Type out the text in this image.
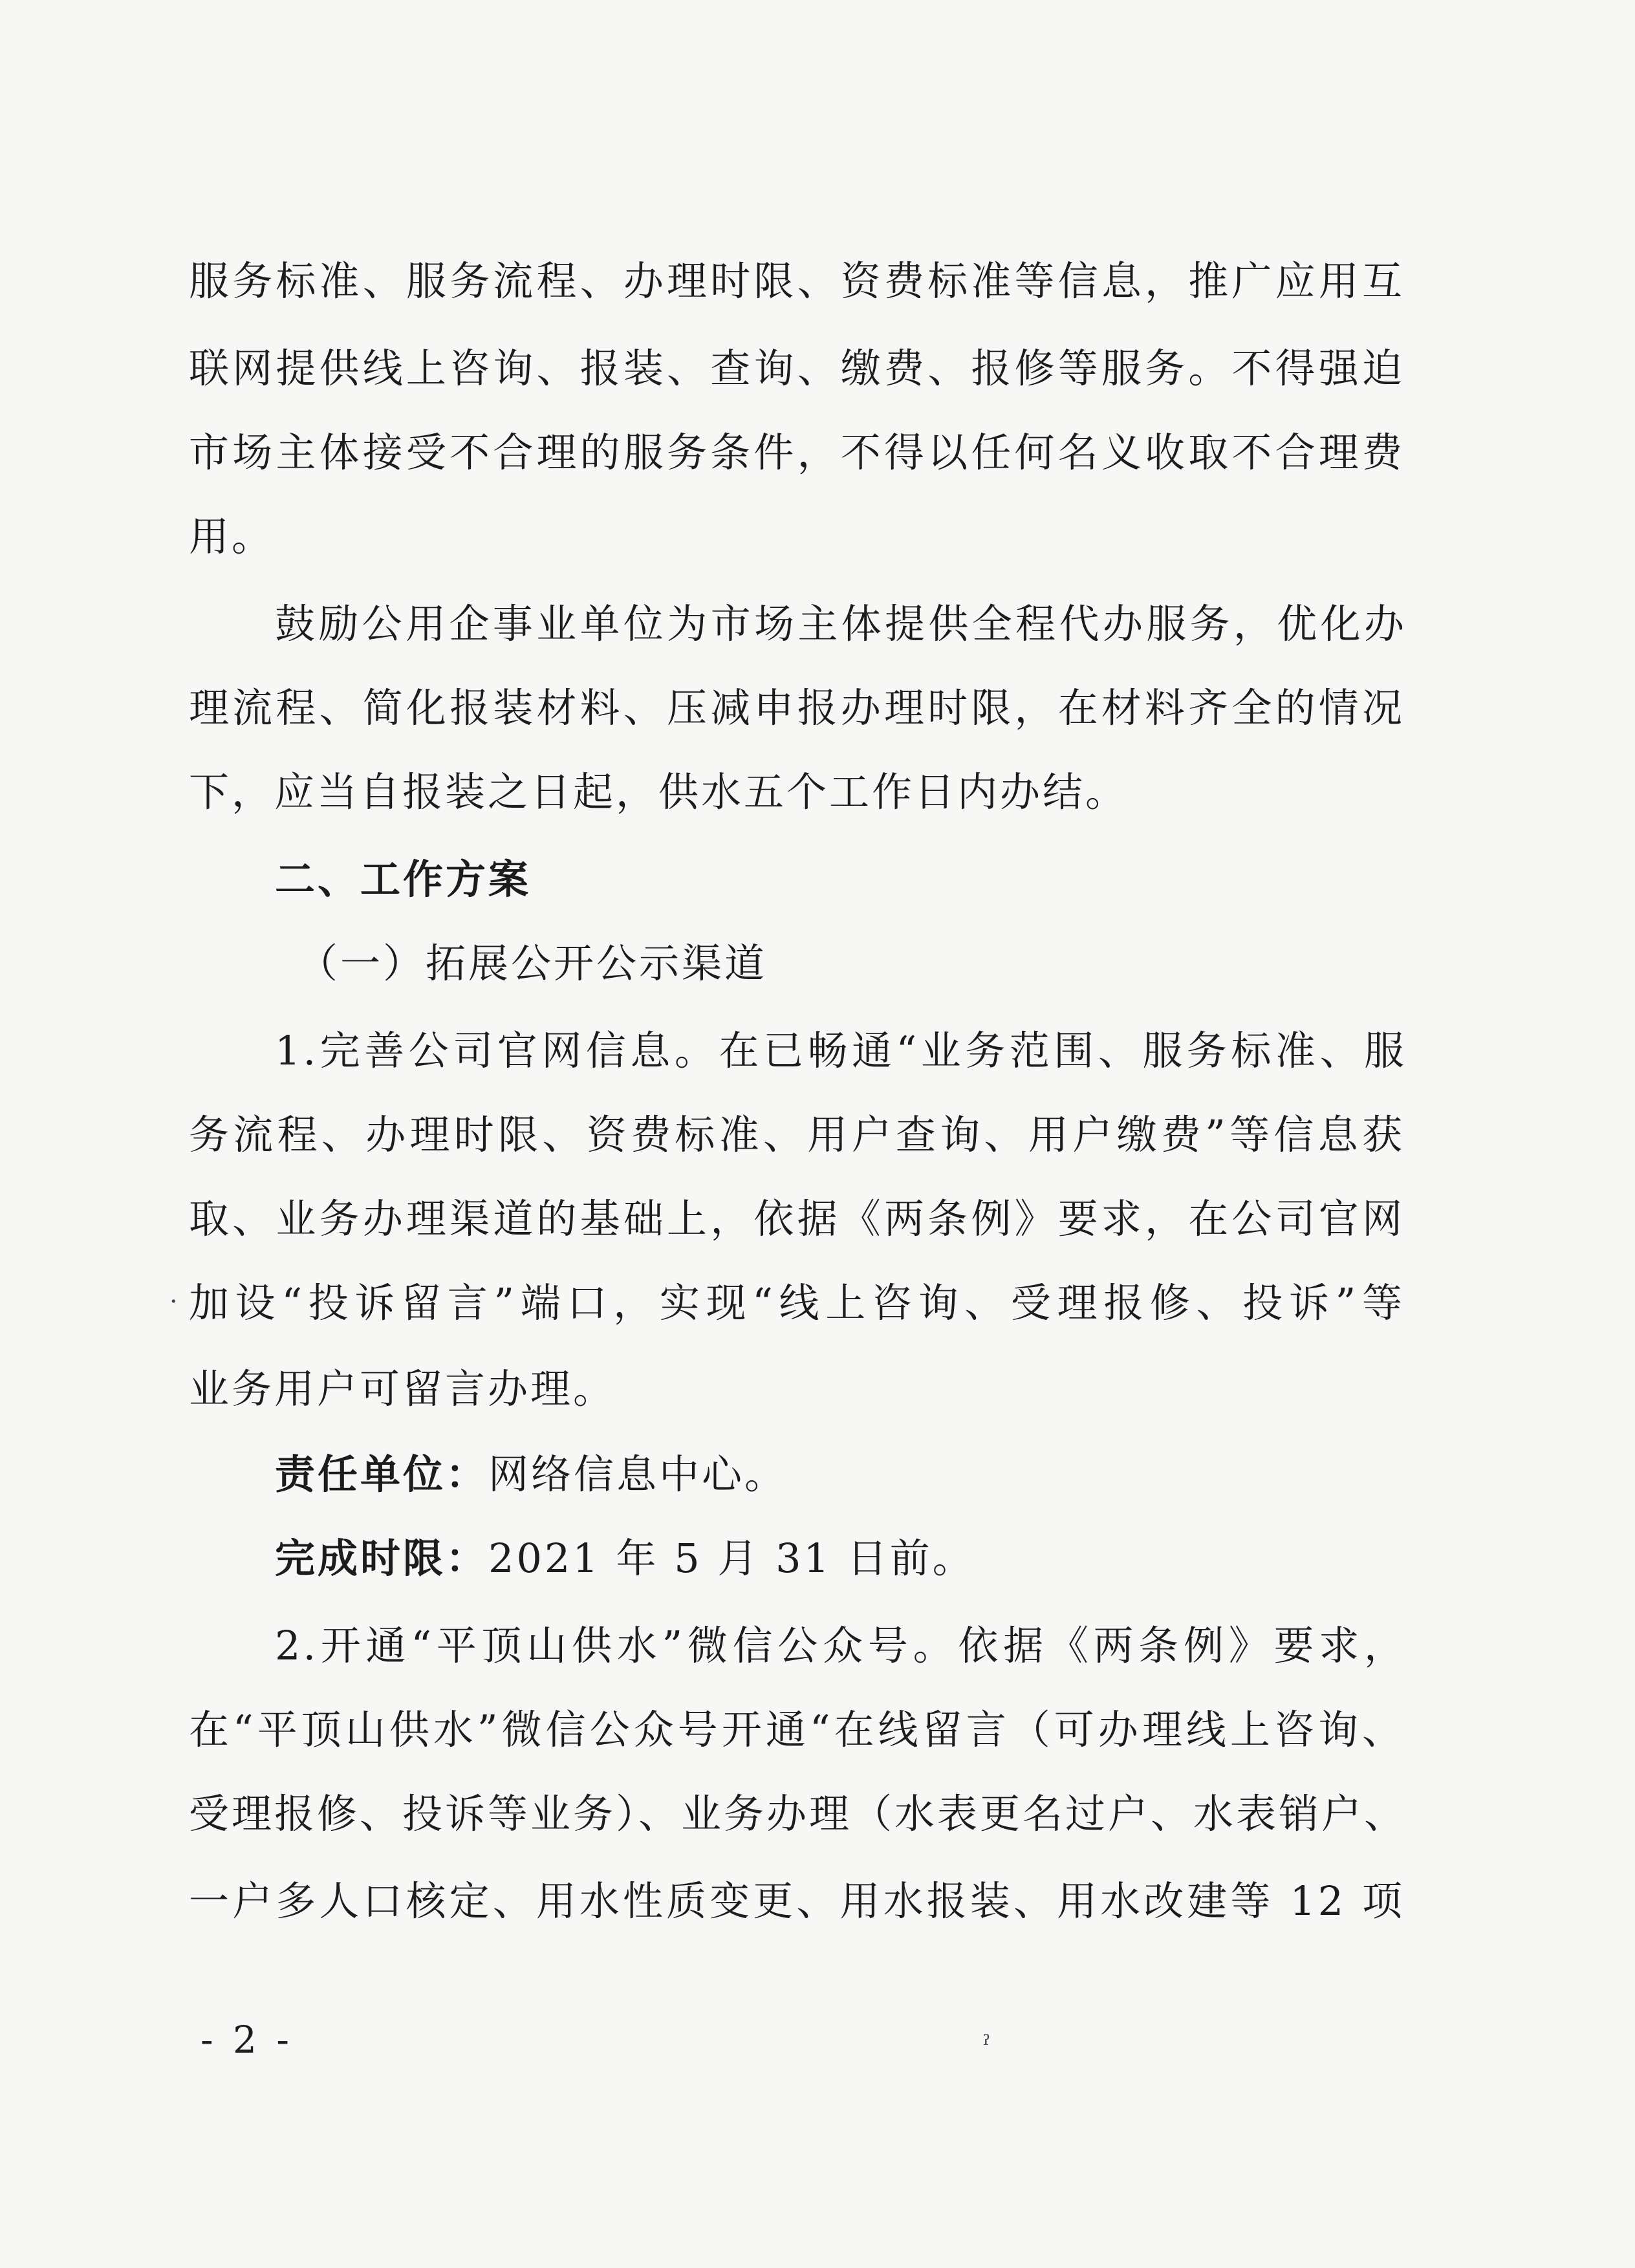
服务标准、服务流程、办理时限、资费标准等信息，推广应用互
联网提供线上咨询、报装、查询、缴费、报修等服务。不得强迫
市场主体接受不合理的服务条件，不得以任何名义收取不合理费
用。
鼓励公用企事业单位为市场主体提供全程代办服务，优化办
理流程、简化报装材料、压减申报办理时限，在材料齐全的情况
下，应当自报装之日起，供水五个工作日内办结。
二、工作方案
（一）拓展公开公示渠道
1.完善公司官网信息。在已畅通“业务范围、服务标准、服
务流程、办理时限、资费标准、用户查询、用户缴费”等信息获
取、业务办理渠道的基础上，依据《两条例》要求，在公司官网
加设“投诉留言”端口，实现“线上咨询、受理报修、投诉”等
业务用户可留言办理。
责任单位：网络信息中心。
完成时限：2021 年 5 月 31 日前。
2.开通“平顶山供水”微信公众号。依据《两条例》要求，
在“平顶山供水”微信公众号开通“在线留言（可办理线上咨询、
受理报修、投诉等业务）、业务办理（水表更名过户、水表销户、
一户多人口核定、用水性质变更、用水报装、用水改建等 12 项
- 2 -
·
ˀ
